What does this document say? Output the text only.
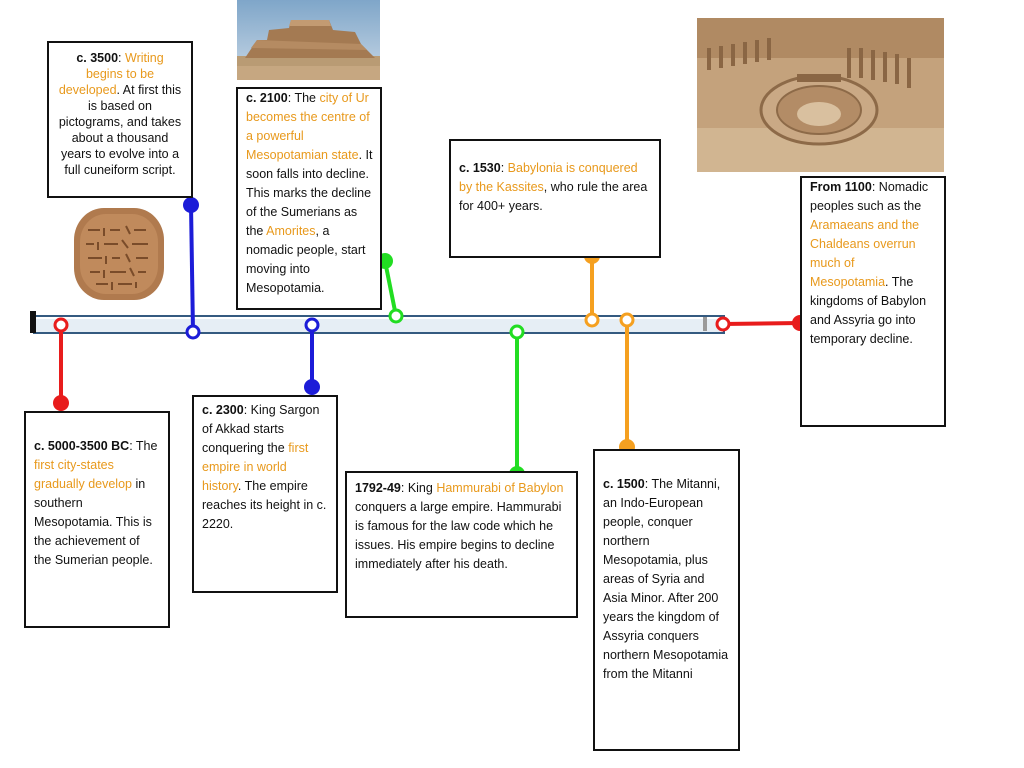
c. 3500: Writing begins to be developed. At first this is based on pictograms, and takes about a thousand years to evolve into a full cuneiform script.
c. 2100: The city of Ur becomes the centre of a powerful Mesopotamian state. It soon falls into decline. This marks the decline of the Sumerians as the Amorites, a nomadic people, start moving into Mesopotamia.
c. 1530: Babylonia is conquered by the Kassites, who rule the area for 400+ years.
From 1100: Nomadic peoples such as the Aramaeans and the Chaldeans overrun much of Mesopotamia. The kingdoms of Babylon and Assyria go into temporary decline.
c. 5000-3500 BC: The first city-states gradually develop in southern Mesopotamia. This is the achievement of the Sumerian people.
c. 2300: King Sargon of Akkad starts conquering the first empire in world history. The empire reaches its height in c. 2220.
1792-49: King Hammurabi of Babylon conquers a large empire. Hammurabi is famous for the law code which he issues. His empire begins to decline immediately after his death.
c. 1500: The Mitanni, an Indo-European people, conquer northern Mesopotamia, plus areas of Syria and Asia Minor. After 200 years the kingdom of Assyria conquers northern Mesopotamia from the Mitanni
